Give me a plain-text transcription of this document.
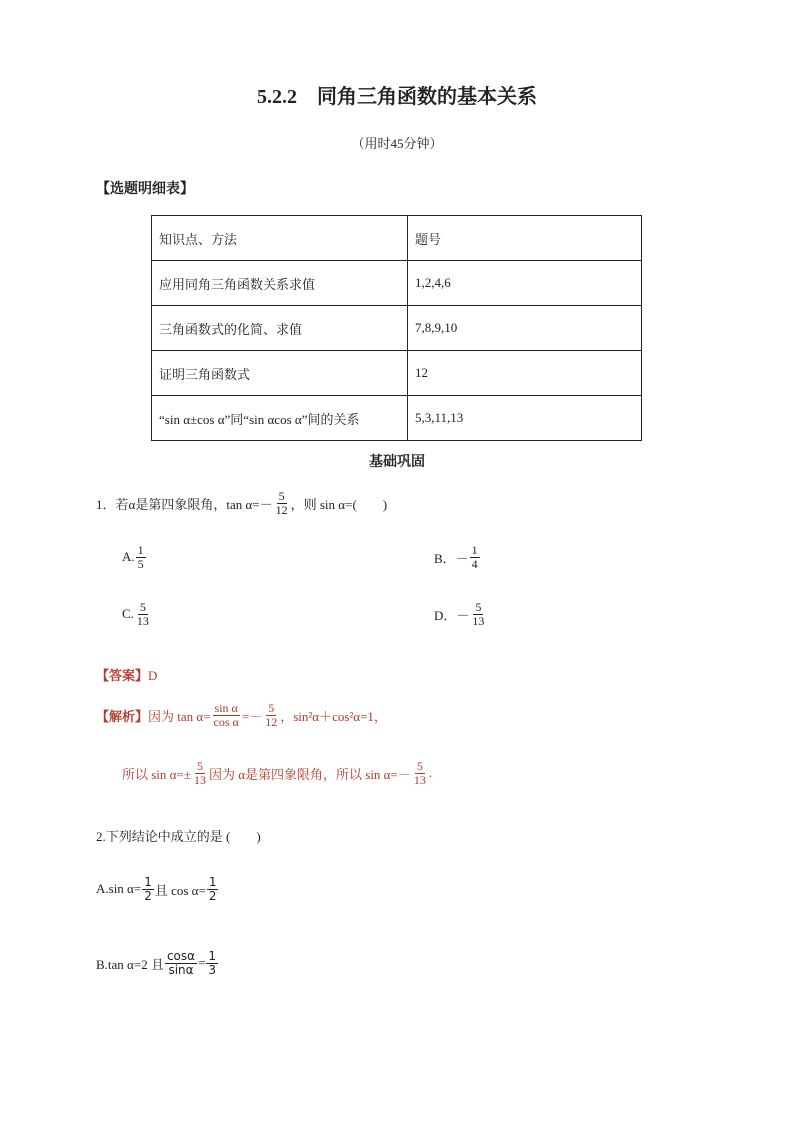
5.2.2　同角三角函数的基本关系
（用时45分钟）
【选题明细表】
知识点、方法	题号
应用同角三角函数关系求值	1,2,4,6
三角函数式的化简、求值	7,8,9,10
证明三角函数式	12
“sin α±cos α”同“sin αcos α”间的关系	5,3,11,13
基础巩固
1．若 α是第四象限角，$\tan \alpha= - \frac{5}{12}$ ，则 sin α=(　　)
A. $\frac{1}{5}$	B．－ $\frac{1}{4}$
C. $\frac{5}{13}$	D．－ $\frac{5}{13}$
【答案】D
【解析】 因为 $\tan \alpha= \frac{\text{sin α}}{\text{cos α}} =- \frac{5}{12}$ ，sin²α＋cos²α=1，
所以 $\sin \alpha=\pm \frac{5}{13}$ 因为 α是第四象限角，所以 $\sin \alpha=- \frac{5}{13}$ .
2.下列结论中成立的是 (　　)
A.sin $\alpha= \frac{1}{2}$ 且 $\cos \alpha= \frac{1}{2}$
B.tan α=2 且 $\frac{\cos\alpha}{\sin\alpha} = \frac{1}{3}$
